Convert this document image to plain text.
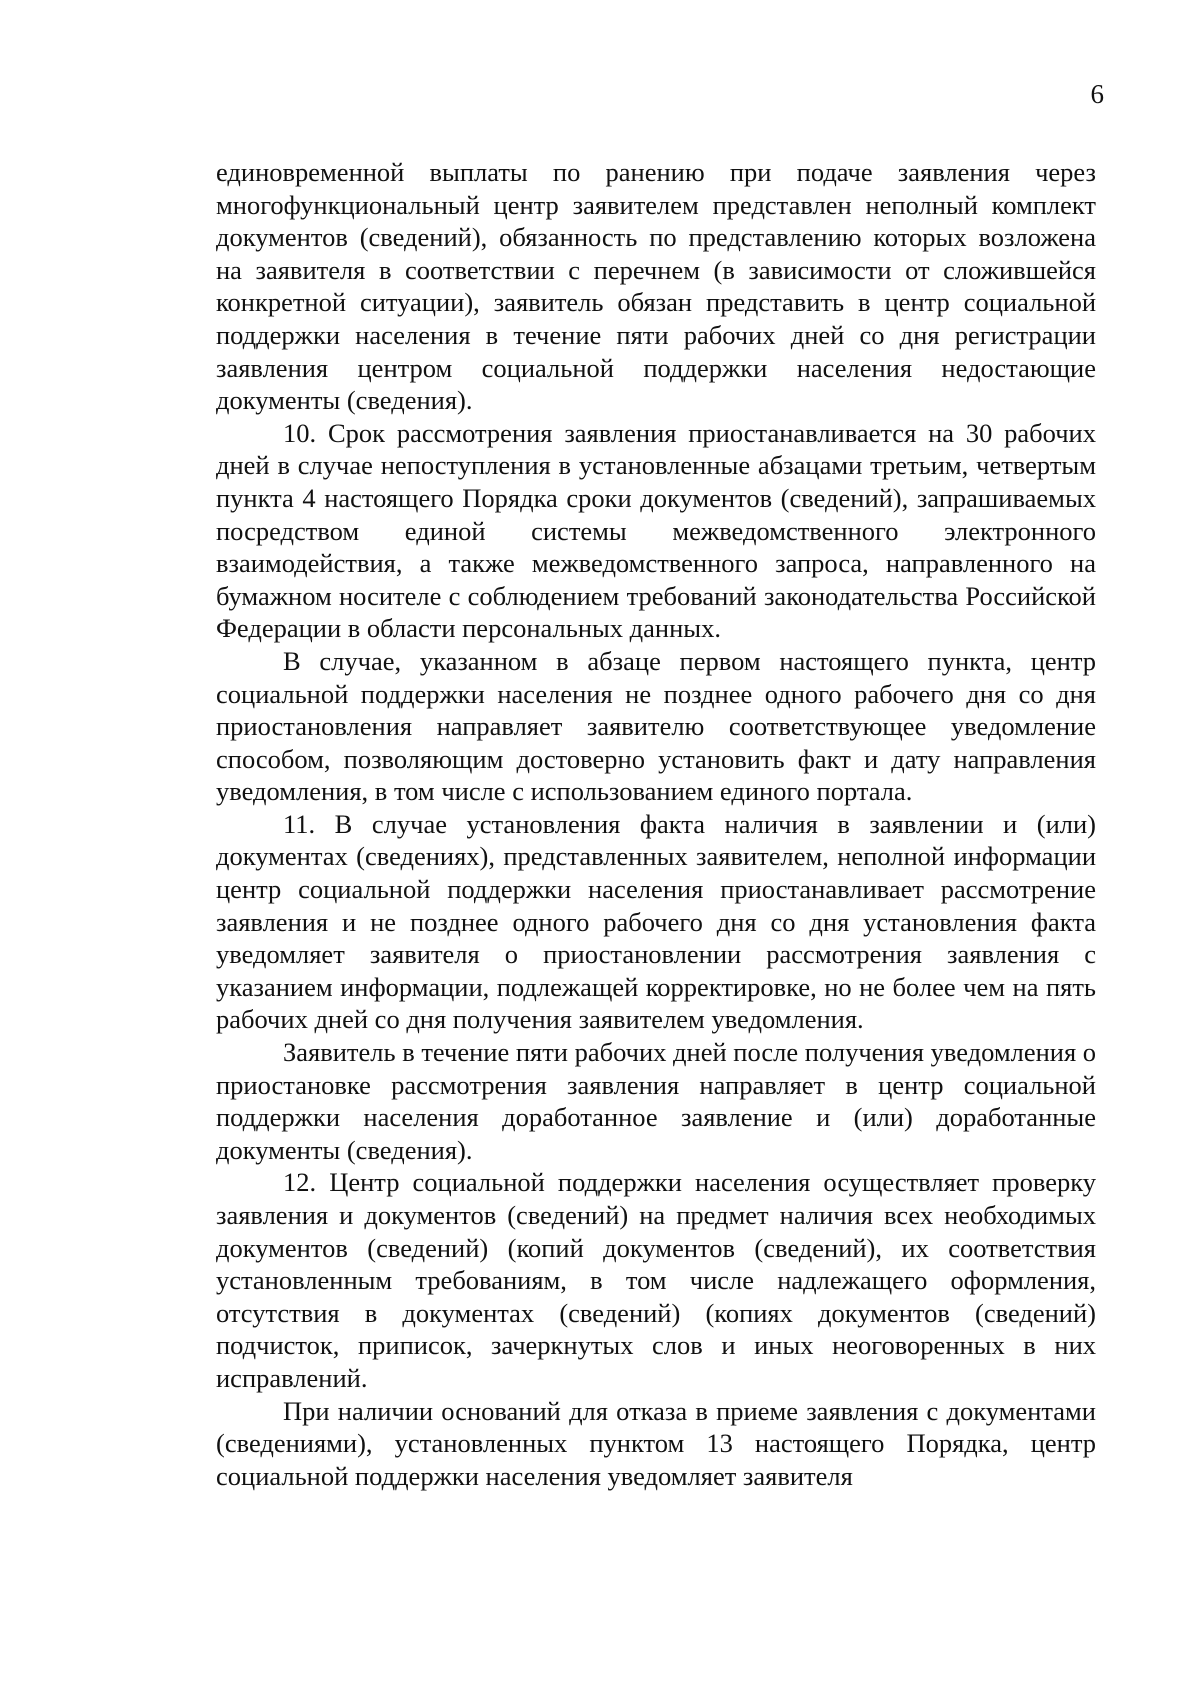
6

единовременной выплаты по ранению при подаче заявления через многофункциональный центр заявителем представлен неполный комплект документов (сведений), обязанность по представлению которых возложена на заявителя в соответствии с перечнем (в зависимости от сложившейся конкретной ситуации), заявитель обязан представить в центр социальной поддержки населения в течение пяти рабочих дней со дня регистрации заявления центром социальной поддержки населения недостающие документы (сведения).

10. Срок рассмотрения заявления приостанавливается на 30 рабочих дней в случае непоступления в установленные абзацами третьим, четвертым пункта 4 настоящего Порядка сроки документов (сведений), запрашиваемых посредством единой системы межведомственного электронного взаимодействия, а также межведомственного запроса, направленного на бумажном носителе с соблюдением требований законодательства Российской Федерации в области персональных данных.

В случае, указанном в абзаце первом настоящего пункта, центр социальной поддержки населения не позднее одного рабочего дня со дня приостановления направляет заявителю соответствующее уведомление способом, позволяющим достоверно установить факт и дату направления уведомления, в том числе с использованием единого портала.

11. В случае установления факта наличия в заявлении и (или) документах (сведениях), представленных заявителем, неполной информации центр социальной поддержки населения приостанавливает рассмотрение заявления и не позднее одного рабочего дня со дня установления факта уведомляет заявителя о приостановлении рассмотрения заявления с указанием информации, подлежащей корректировке, но не более чем на пять рабочих дней со дня получения заявителем уведомления.

Заявитель в течение пяти рабочих дней после получения уведомления о приостановке рассмотрения заявления направляет в центр социальной поддержки населения доработанное заявление и (или) доработанные документы (сведения).

12. Центр социальной поддержки населения осуществляет проверку заявления и документов (сведений) на предмет наличия всех необходимых документов (сведений) (копий документов (сведений), их соответствия установленным требованиям, в том числе надлежащего оформления, отсутствия в документах (сведений) (копиях документов (сведений) подчисток, приписок, зачеркнутых слов и иных неоговоренных в них исправлений.

При наличии оснований для отказа в приеме заявления с документами (сведениями), установленных пунктом 13 настоящего Порядка, центр социальной поддержки населения уведомляет заявителя
